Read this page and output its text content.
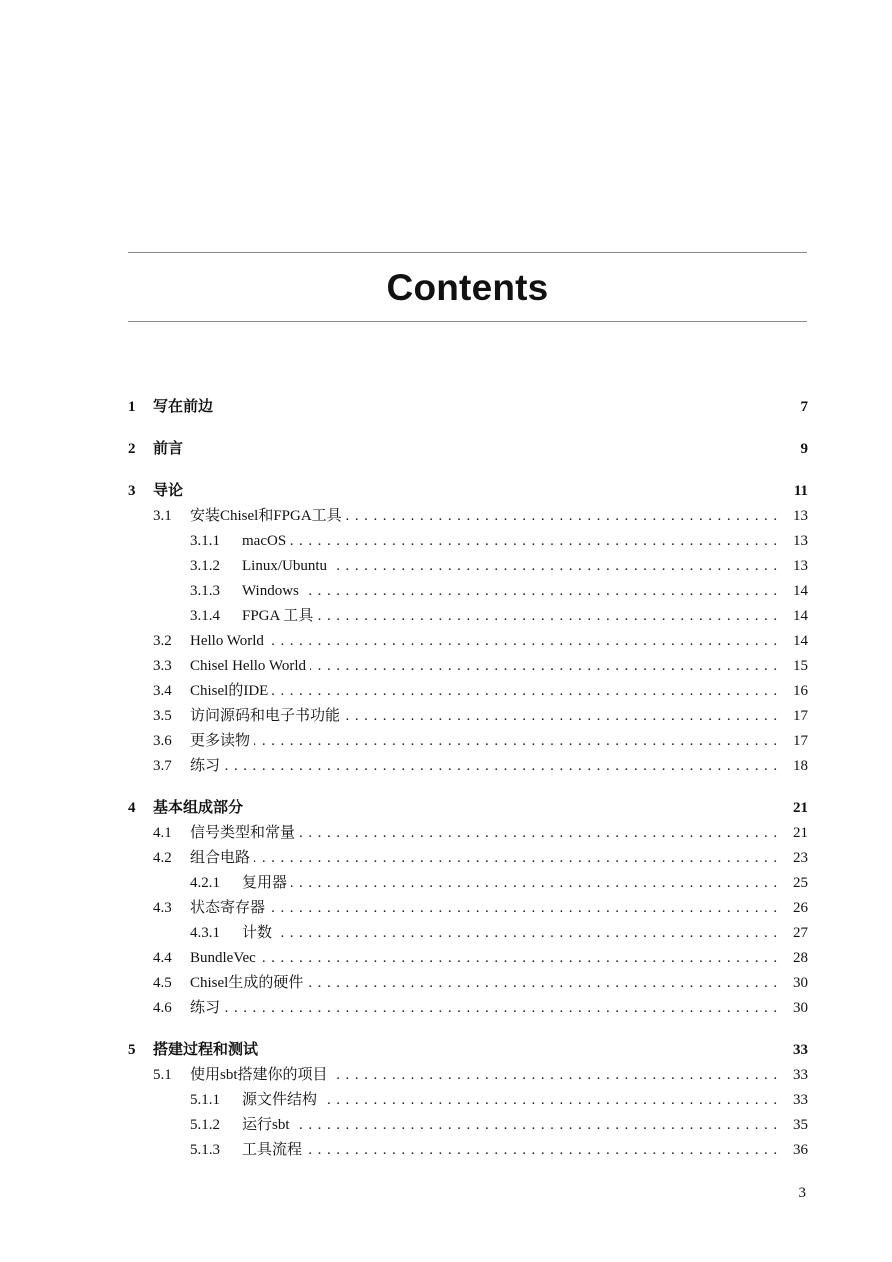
Contents
1	写在前边	7
2	前言	9
3	导论	11
3.1	安装Chisel和FPGA工具 . . .	13
3.1.1	macOS . . .	13
3.1.2	Linux/Ubuntu . . .	13
3.1.3	Windows . . .	14
3.1.4	FPGA 工具 . . .	14
3.2	Hello World . . .	14
3.3	Chisel Hello World . . .	15
3.4	Chisel的IDE . . .	16
3.5	访问源码和电子书功能 . . .	17
3.6	更多读物 . . .	17
3.7	练习 . . .	18
4	基本组成部分	21
4.1	信号类型和常量 . . .	21
4.2	组合电路 . . .	23
4.2.1	复用器 . . .	25
4.3	状态寄存器 . . .	26
4.3.1	计数 . . .	27
4.4	BundleVec . . .	28
4.5	Chisel生成的硬件 . . .	30
4.6	练习 . . .	30
5	搭建过程和测试	33
5.1	使用sbt搭建你的项目 . . .	33
5.1.1	源文件结构 . . .	33
5.1.2	运行sbt . . .	35
5.1.3	工具流程 . . .	36
3
